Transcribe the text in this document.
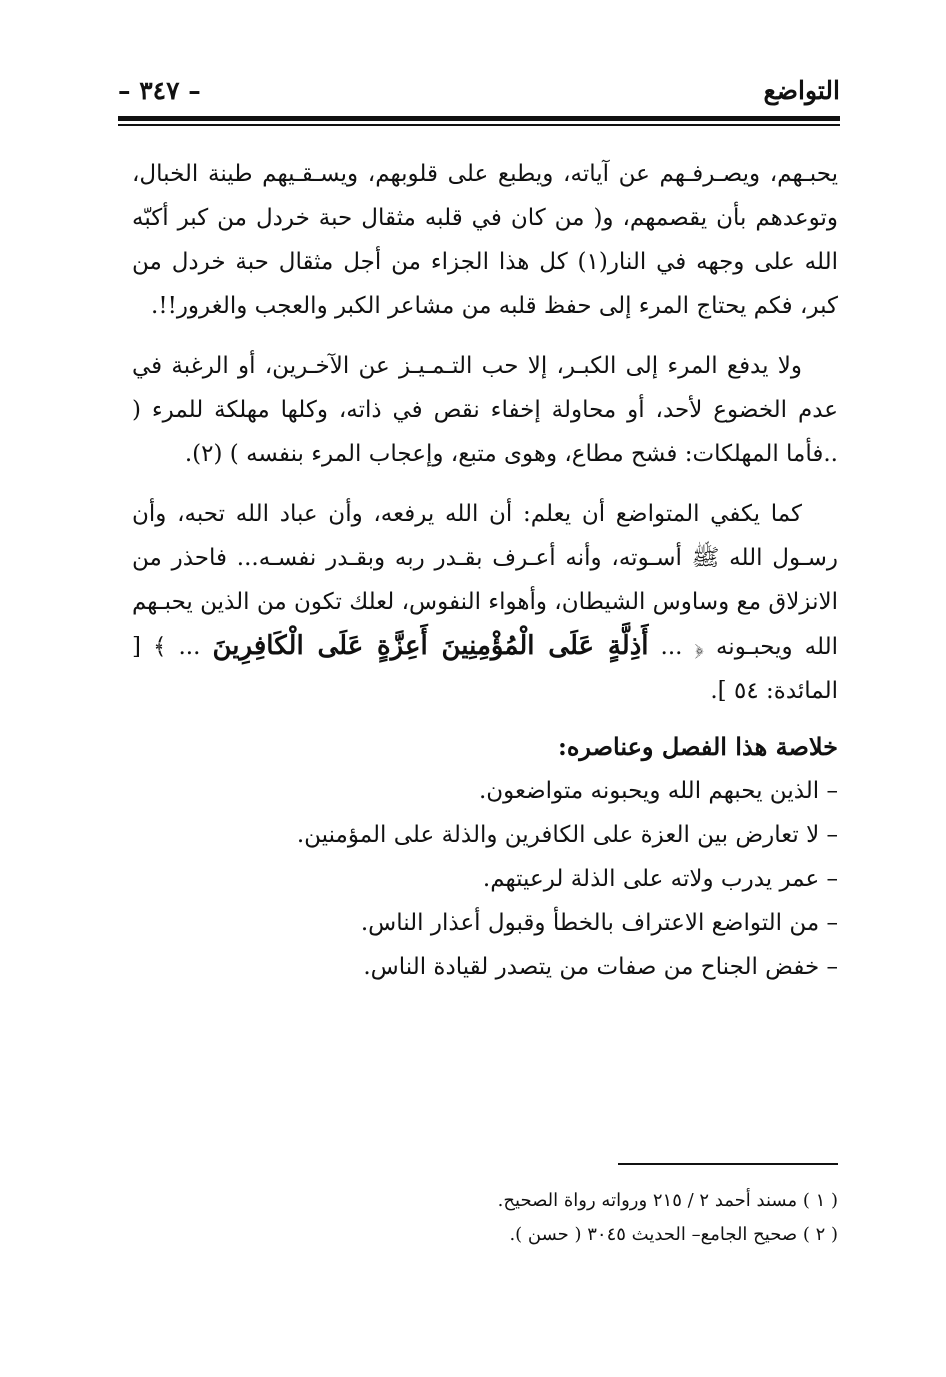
التواضع
– ٣٤٧ –

يحبـهم، ويصـرفـهم عن آياته، ويطبع على قلوبهم، ويسـقـيهم طينة الخبال، وتوعدهم بأن يقصمهم، و( من كان في قلبه مثقال حبة خردل من كبر أكبّه الله على وجهه في النار(١) كل هذا الجزاء من أجل مثقال حبة خردل من كبر، فكم يحتاج المرء إلى حفظ قلبه من مشاعر الكبر والعجب والغرور!!.

ولا يدفع المرء إلى الكبـر، إلا حب التـمـيـز عن الآخـرين، أو الرغبة في عدم الخضوع لأحد، أو محاولة إخفاء نقص في ذاته، وكلها مهلكة للمرء ( ..فأما المهلكات: فشح مطاع، وهوى متبع، وإعجاب المرء بنفسه ) (٢).

كما يكفي المتواضع أن يعلم: أن الله يرفعه، وأن عباد الله تحبه، وأن رسـول الله ﷺ أسـوته، وأنه أعـرف بقـدر ربه وبقـدر نفسـه... فاحذر من الانزلاق مع وساوس الشيطان، وأهواء النفوس، لعلك تكون من الذين يحبـهم الله ويحبـونه ﴿ ... أَذِلَّةٍ عَلَى الْمُؤْمِنِينَ أَعِزَّةٍ عَلَى الْكَافِرِينَ ... ﴾ [ المائدة: ٥٤ ].

خلاصة هذا الفصل وعناصره:
– الذين يحبهم الله ويحبونه متواضعون.
– لا تعارض بين العزة على الكافرين والذلة على المؤمنين.
– عمر يدرب ولاته على الذلة لرعيتهم.
– من التواضع الاعتراف بالخطأ وقبول أعذار الناس.
– خفض الجناح من صفات من يتصدر لقيادة الناس.
( ١ ) مسند أحمد ٢ / ٢١٥ ورواته رواة الصحيح.
( ٢ ) صحيح الجامع– الحديث ٣٠٤٥ ( حسن ).
